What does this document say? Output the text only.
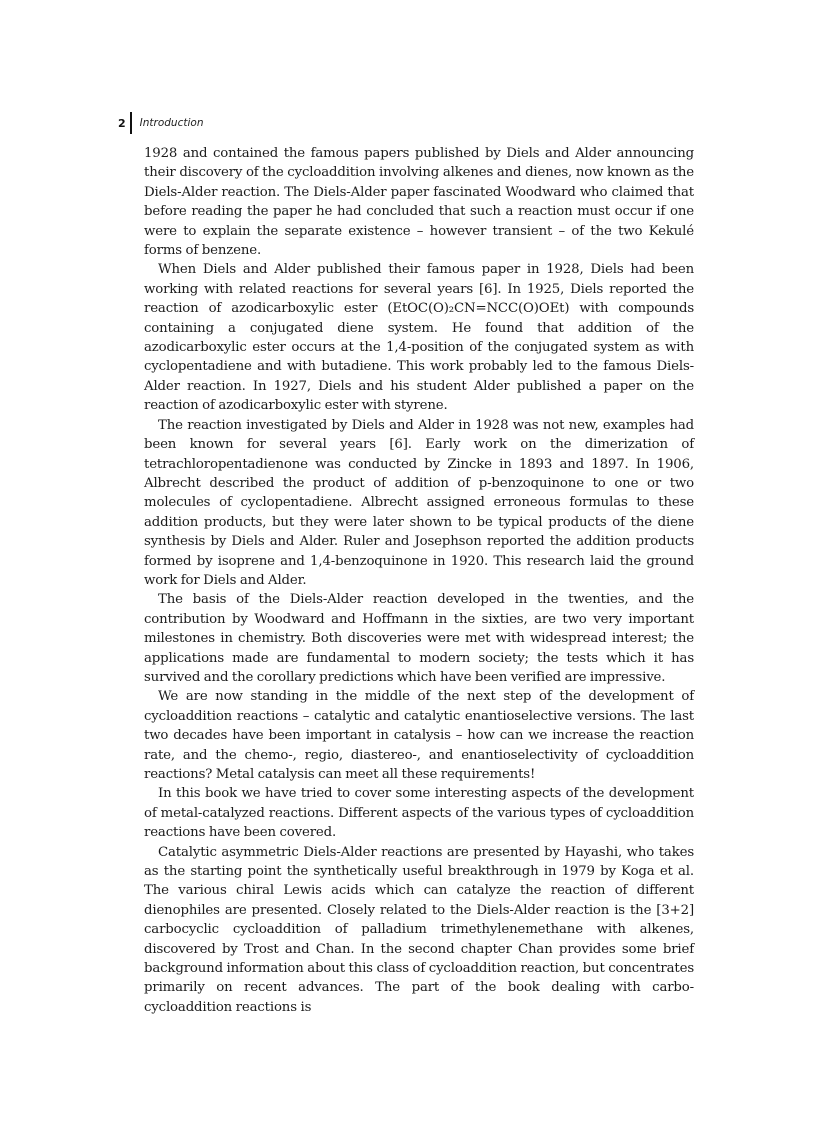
2	Introduction

1928 and contained the famous papers published by Diels and Alder announcing their discovery of the cycloaddition involving alkenes and dienes, now known as the Diels-Alder reaction. The Diels-Alder paper fascinated Woodward who claimed that before reading the paper he had concluded that such a reaction must occur if one were to explain the separate existence – however transient – of the two Kekulé forms of benzene.

When Diels and Alder published their famous paper in 1928, Diels had been working with related reactions for several years [6]. In 1925, Diels reported the reaction of azodicarboxylic ester (EtOC(O)₂CN=NCC(O)OEt) with compounds containing a conjugated diene system. He found that addition of the azodicarboxylic ester occurs at the 1,4-position of the conjugated system as with cyclopentadiene and with butadiene. This work probably led to the famous Diels-Alder reaction. In 1927, Diels and his student Alder published a paper on the reaction of azodicarboxylic ester with styrene.

The reaction investigated by Diels and Alder in 1928 was not new, examples had been known for several years [6]. Early work on the dimerization of tetrachloropentadienone was conducted by Zincke in 1893 and 1897. In 1906, Albrecht described the product of addition of p-benzoquinone to one or two molecules of cyclopentadiene. Albrecht assigned erroneous formulas to these addition products, but they were later shown to be typical products of the diene synthesis by Diels and Alder. Ruler and Josephson reported the addition products formed by isoprene and 1,4-benzoquinone in 1920. This research laid the ground work for Diels and Alder.

The basis of the Diels-Alder reaction developed in the twenties, and the contribution by Woodward and Hoffmann in the sixties, are two very important milestones in chemistry. Both discoveries were met with widespread interest; the applications made are fundamental to modern society; the tests which it has survived and the corollary predictions which have been verified are impressive.

We are now standing in the middle of the next step of the development of cycloaddition reactions – catalytic and catalytic enantioselective versions. The last two decades have been important in catalysis – how can we increase the reaction rate, and the chemo-, regio, diastereo-, and enantioselectivity of cycloaddition reactions? Metal catalysis can meet all these requirements!

In this book we have tried to cover some interesting aspects of the development of metal-catalyzed reactions. Different aspects of the various types of cycloaddition reactions have been covered.

Catalytic asymmetric Diels-Alder reactions are presented by Hayashi, who takes as the starting point the synthetically useful breakthrough in 1979 by Koga et al. The various chiral Lewis acids which can catalyze the reaction of different dienophiles are presented. Closely related to the Diels-Alder reaction is the [3+2] carbocyclic cycloaddition of palladium trimethylenemethane with alkenes, discovered by Trost and Chan. In the second chapter Chan provides some brief background information about this class of cycloaddition reaction, but concentrates primarily on recent advances. The part of the book dealing with carbo-cycloaddition reactions is
